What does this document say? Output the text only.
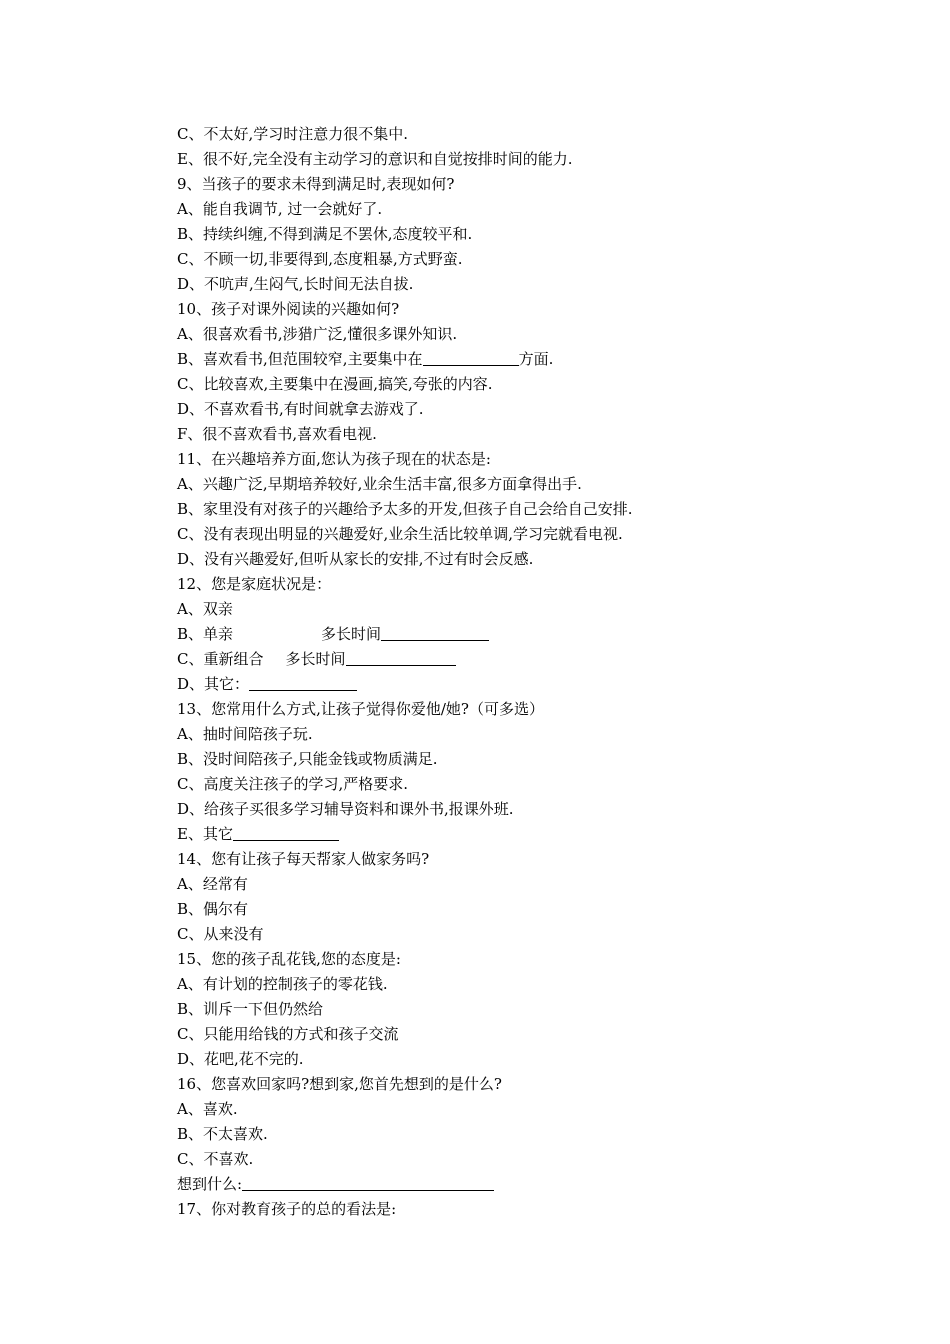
C、不太好,学习时注意力很不集中.
E、很不好,完全没有主动学习的意识和自觉按排时间的能力.
9、当孩子的要求未得到满足时,表现如何?
A、能自我调节, 过一会就好了.
B、持续纠缠,不得到满足不罢休,态度较平和.
C、不顾一切,非要得到,态度粗暴,方式野蛮.
D、不吭声,生闷气,长时间无法自拔.
10、孩子对课外阅读的兴趣如何?
A、很喜欢看书,涉猎广泛,懂很多课外知识.
B、喜欢看书,但范围较窄,主要集中在	方面.
C、比较喜欢,主要集中在漫画,搞笑,夸张的内容.
D、不喜欢看书,有时间就拿去游戏了.
F、很不喜欢看书,喜欢看电视.
11、在兴趣培养方面,您认为孩子现在的状态是:
A、兴趣广泛,早期培养较好,业余生活丰富,很多方面拿得出手.
B、家里没有对孩子的兴趣给予太多的开发,但孩子自己会给自己安排.
C、没有表现出明显的兴趣爱好,业余生活比较单调,学习完就看电视.
D、没有兴趣爱好,但听从家长的安排,不过有时会反感.
12、您是家庭状况是：
A、双亲
B、单亲	多长时间
C、重新组合 多长时间
D、其它：
13、您常用什么方式,让孩子觉得你爱他/她?（可多选）
A、抽时间陪孩子玩.
B、没时间陪孩子,只能金钱或物质满足.
C、高度关注孩子的学习,严格要求.
D、给孩子买很多学习辅导资料和课外书,报课外班.
E、其它
14、您有让孩子每天帮家人做家务吗?
A、经常有
B、偶尔有
C、从来没有
15、您的孩子乱花钱,您的态度是:
A、有计划的控制孩子的零花钱.
B、训斥一下但仍然给
C、只能用给钱的方式和孩子交流
D、花吧,花不完的.
16、您喜欢回家吗?想到家,您首先想到的是什么?
A、喜欢.
B、不太喜欢.
C、不喜欢.
想到什么:
17、你对教育孩子的总的看法是:
